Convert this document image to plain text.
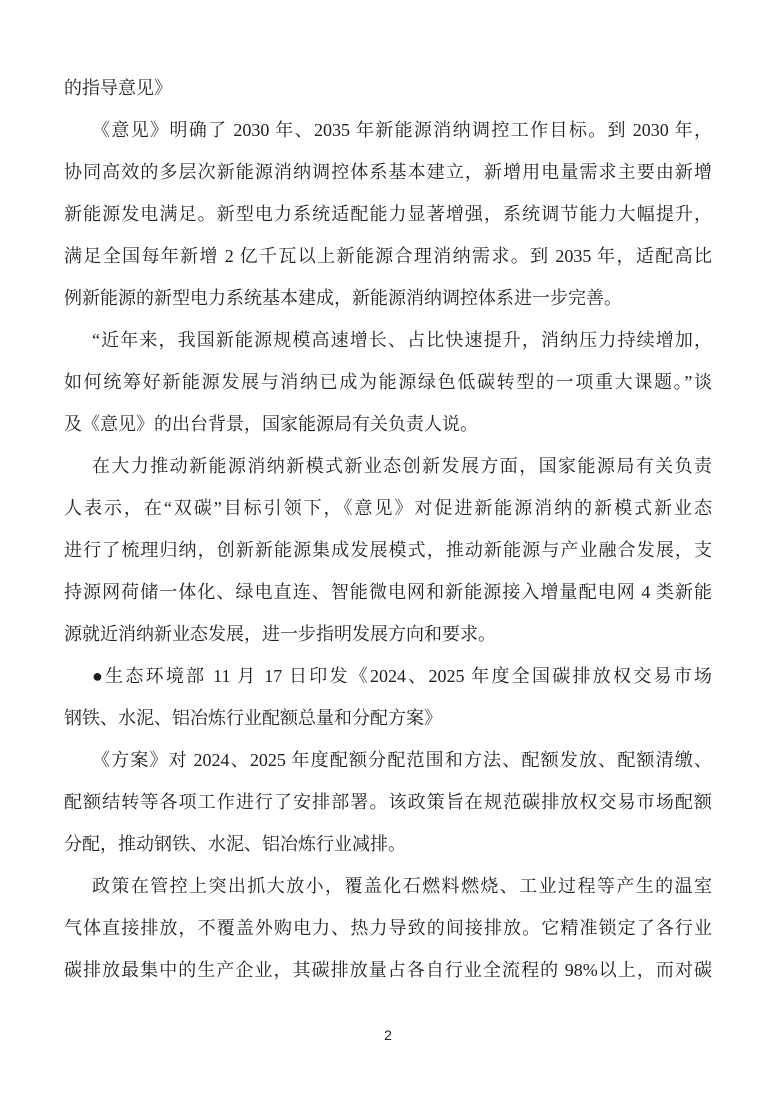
的指导意见》
《意见》明确了 2030 年、2035 年新能源消纳调控工作目标。到 2030 年，
协同高效的多层次新能源消纳调控体系基本建立，新增用电量需求主要由新增
新能源发电满足。新型电力系统适配能力显著增强，系统调节能力大幅提升，
满足全国每年新增 2 亿千瓦以上新能源合理消纳需求。到 2035 年，适配高比
例新能源的新型电力系统基本建成，新能源消纳调控体系进一步完善。
“近年来，我国新能源规模高速增长、占比快速提升，消纳压力持续增加，
如何统筹好新能源发展与消纳已成为能源绿色低碳转型的一项重大课题。”谈
及《意见》的出台背景，国家能源局有关负责人说。
在大力推动新能源消纳新模式新业态创新发展方面，国家能源局有关负责
人表示，在“双碳”目标引领下，《意见》对促进新能源消纳的新模式新业态
进行了梳理归纳，创新新能源集成发展模式，推动新能源与产业融合发展，支
持源网荷储一体化、绿电直连、智能微电网和新能源接入增量配电网 4 类新能
源就近消纳新业态发展，进一步指明发展方向和要求。
●生态环境部 11 月 17 日印发《2024、2025 年度全国碳排放权交易市场
钢铁、水泥、铝冶炼行业配额总量和分配方案》
《方案》对 2024、2025 年度配额分配范围和方法、配额发放、配额清缴、
配额结转等各项工作进行了安排部署。该政策旨在规范碳排放权交易市场配额
分配，推动钢铁、水泥、铝冶炼行业减排。
政策在管控上突出抓大放小，覆盖化石燃料燃烧、工业过程等产生的温室
气体直接排放，不覆盖外购电力、热力导致的间接排放。它精准锁定了各行业
碳排放最集中的生产企业，其碳排放量占各自行业全流程的 98%以上，而对碳
2
